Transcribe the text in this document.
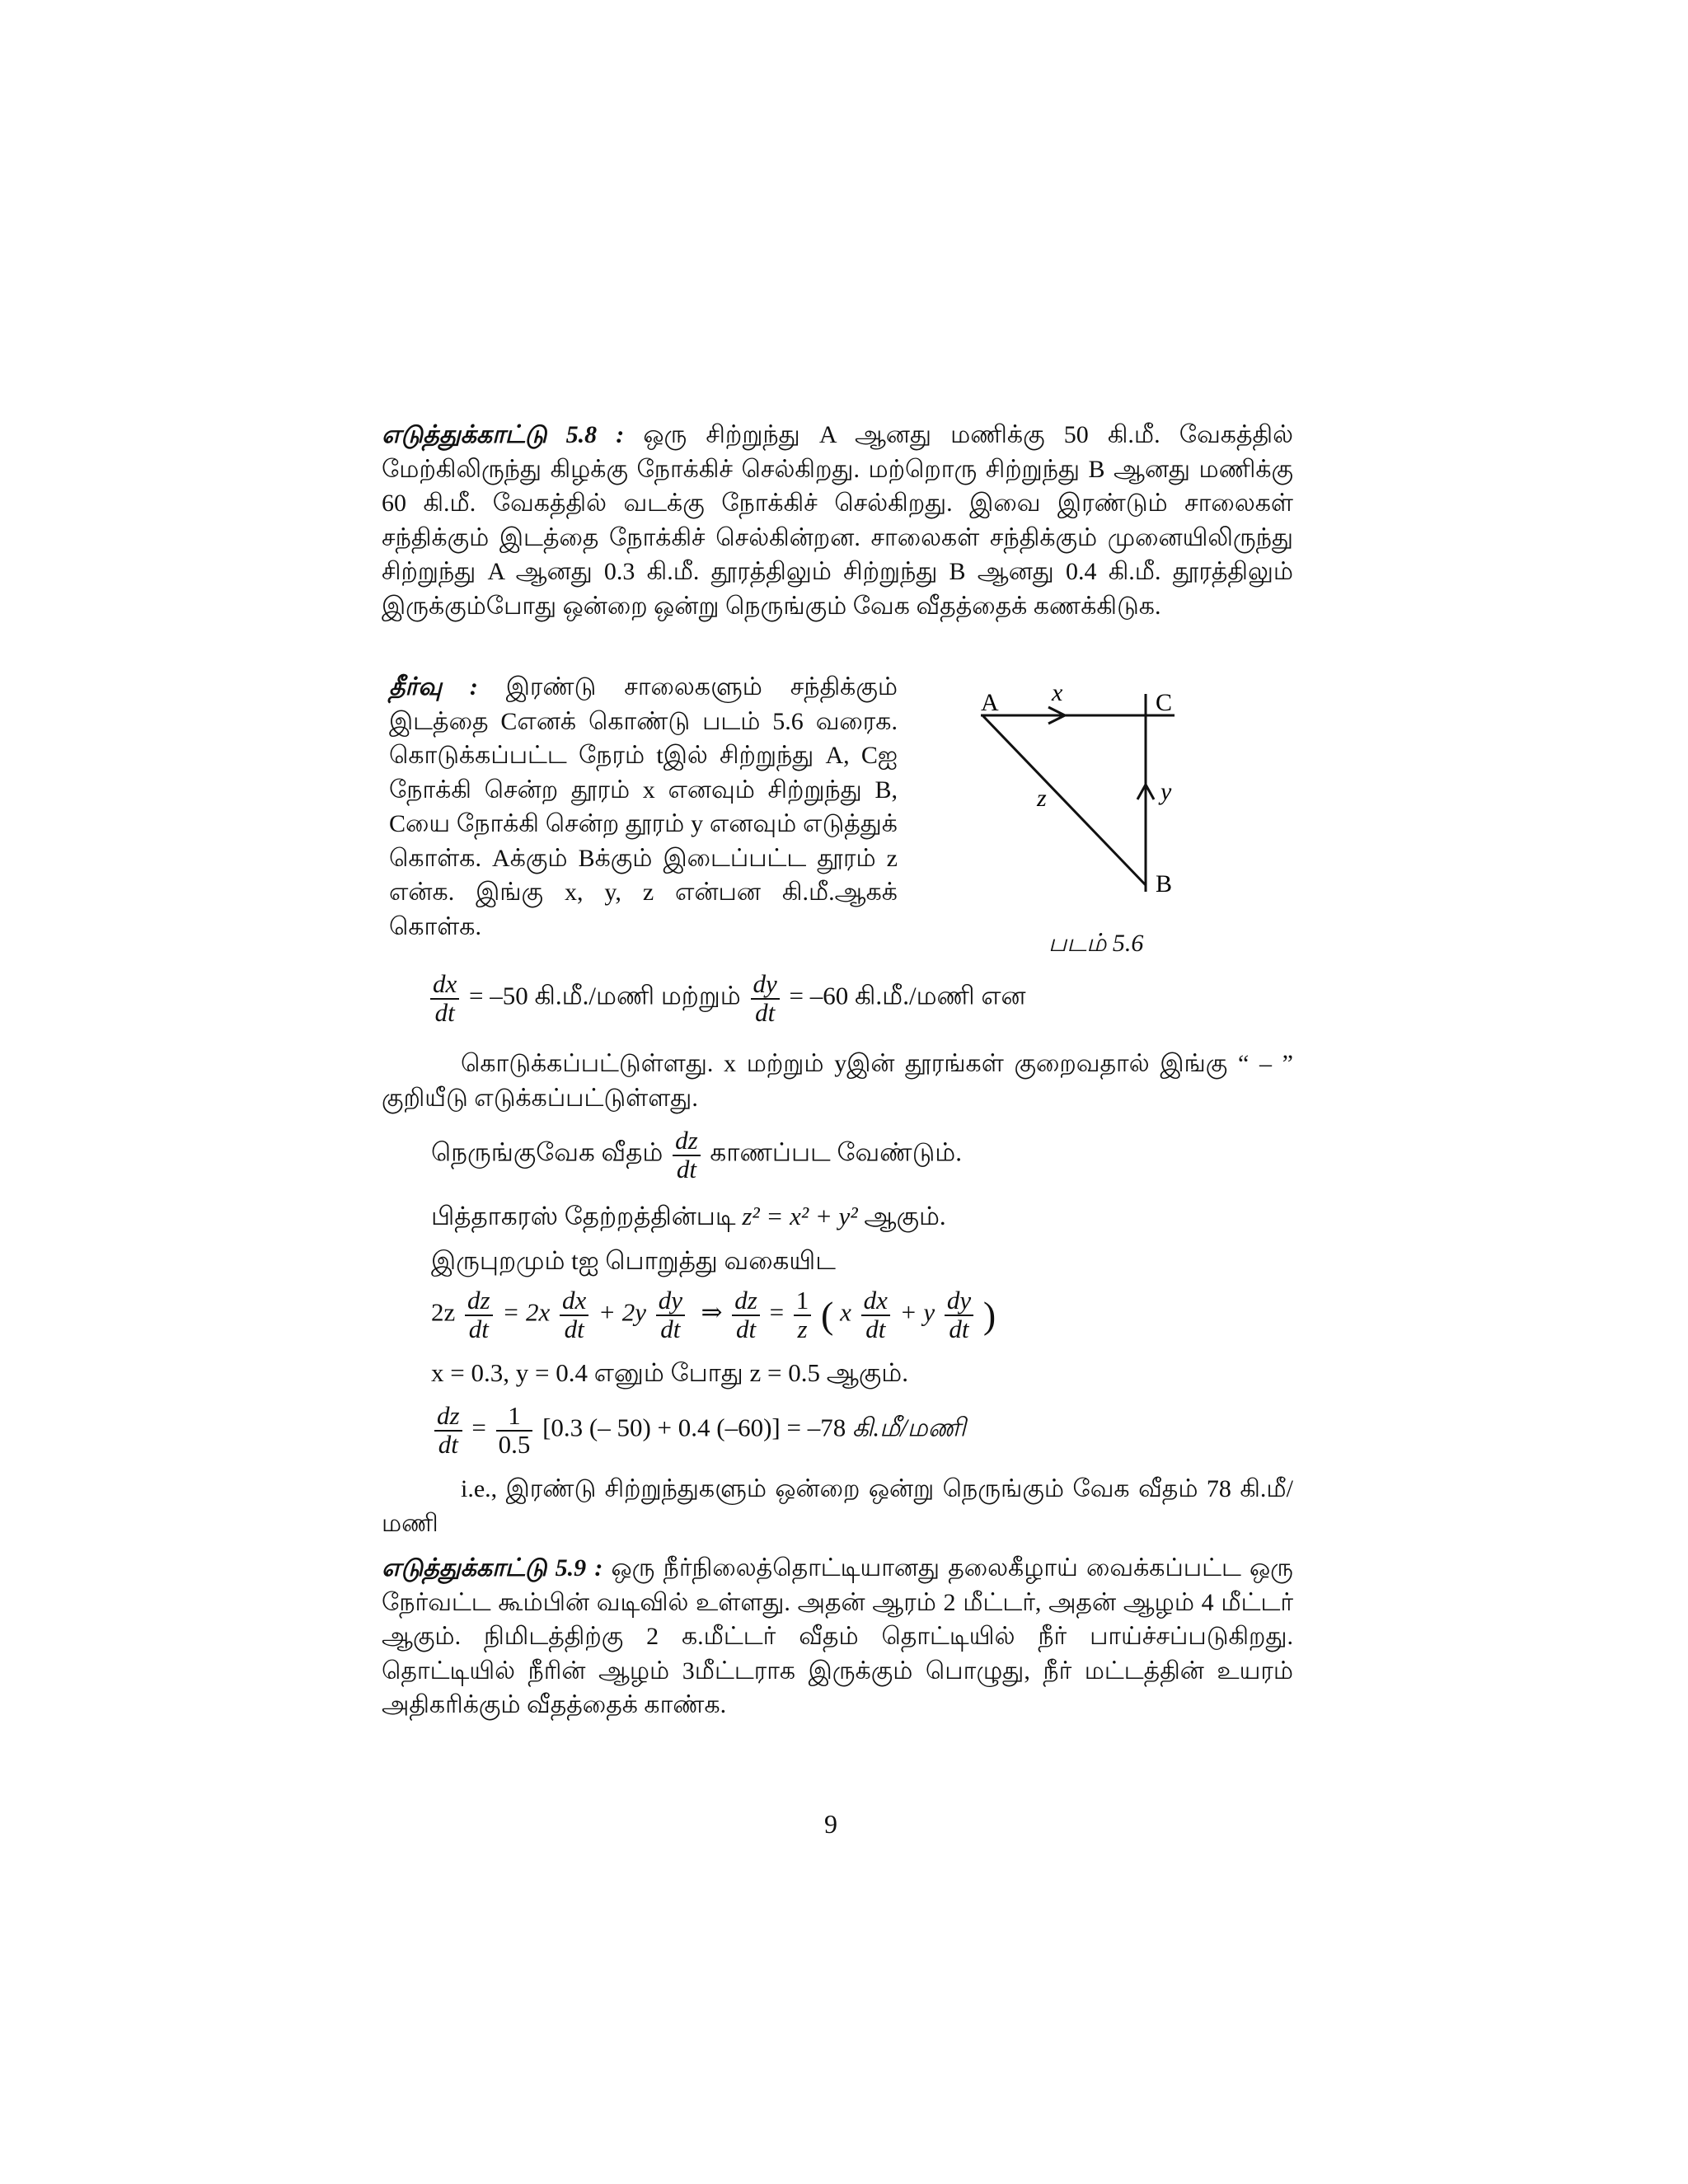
எடுத்துக்காட்டு 5.8 : ஒரு சிற்றுந்து A ஆனது மணிக்கு 50 கி.மீ. வேகத்தில் மேற்கிலிருந்து கிழக்கு நோக்கிச் செல்கிறது. மற்றொரு சிற்றுந்து B ஆனது மணிக்கு 60 கி.மீ. வேகத்தில் வடக்கு நோக்கிச் செல்கிறது. இவை இரண்டும் சாலைகள் சந்திக்கும் இடத்தை நோக்கிச் செல்கின்றன. சாலைகள் சந்திக்கும் முனையிலிருந்து சிற்றுந்து A ஆனது 0.3 கி.மீ. தூரத்திலும் சிற்றுந்து B ஆனது 0.4 கி.மீ. தூரத்திலும் இருக்கும்போது ஒன்றை ஒன்று நெருங்கும் வேக வீதத்தைக் கணக்கிடுக.

தீர்வு : இரண்டு சாலைகளும் சந்திக்கும் இடத்தை Cஎனக் கொண்டு படம் 5.6 வரைக. கொடுக்கப்பட்ட நேரம் tஇல் சிற்றுந்து A, Cஐ நோக்கி சென்ற தூரம் x எனவும் சிற்றுந்து B, Cயை நோக்கி சென்ற தூரம் y எனவும் எடுத்துக் கொள்க. Aக்கும் Bக்கும் இடைப்பட்ட தூரம் z என்க. இங்கு x, y, z என்பன கி.மீ.ஆகக் கொள்க.

A	C
B
x
y
z
படம் 5.6
$\frac{dx}{dt} = -50$ கி.மீ./மணி மற்றும் $\frac{dy}{dt} = -60$ கி.மீ./மணி என

கொடுக்கப்பட்டுள்ளது. x மற்றும் yஇன் தூரங்கள் குறைவதால் இங்கு “ – ” குறியீடு எடுக்கப்பட்டுள்ளது.

நெருங்குவேக வீதம் $\frac{dz}{dt}$ காணப்பட வேண்டும்.
பித்தாகரஸ் தேற்றத்தின்படி z² = x² + y² ஆகும்.
இருபுறமும் tஐ பொறுத்து வகையிட
$2z \frac{dz}{dt} = 2x \frac{dx}{dt} + 2y \frac{dy}{dt}$ ⇒ $\frac{dz}{dt} = \frac{1}{z}$ ( x $\frac{dx}{dt} + y \frac{dy}{dt}$ )
x = 0.3, y = 0.4 எனும் போது z = 0.5 ஆகும்.
$\frac{dz}{dt} = \frac{1}{0.5} [0.3$ (– 50) + 0.4 (–60)] = –78 கி.மீ/மணி

i.e., இரண்டு சிற்றுந்துகளும் ஒன்றை ஒன்று நெருங்கும் வேக வீதம் 78 கி.மீ/மணி

எடுத்துக்காட்டு 5.9 : ஒரு நீர்நிலைத்தொட்டியானது தலைகீழாய் வைக்கப்பட்ட ஒரு நேர்வட்ட கூம்பின் வடிவில் உள்ளது. அதன் ஆரம் 2 மீட்டர், அதன் ஆழம் 4 மீட்டர் ஆகும். நிமிடத்திற்கு 2 க.மீட்டர் வீதம் தொட்டியில் நீர் பாய்ச்சப்படுகிறது. தொட்டியில் நீரின் ஆழம் 3மீட்டராக இருக்கும் பொழுது, நீர் மட்டத்தின் உயரம் அதிகரிக்கும் வீதத்தைக் காண்க.

9
